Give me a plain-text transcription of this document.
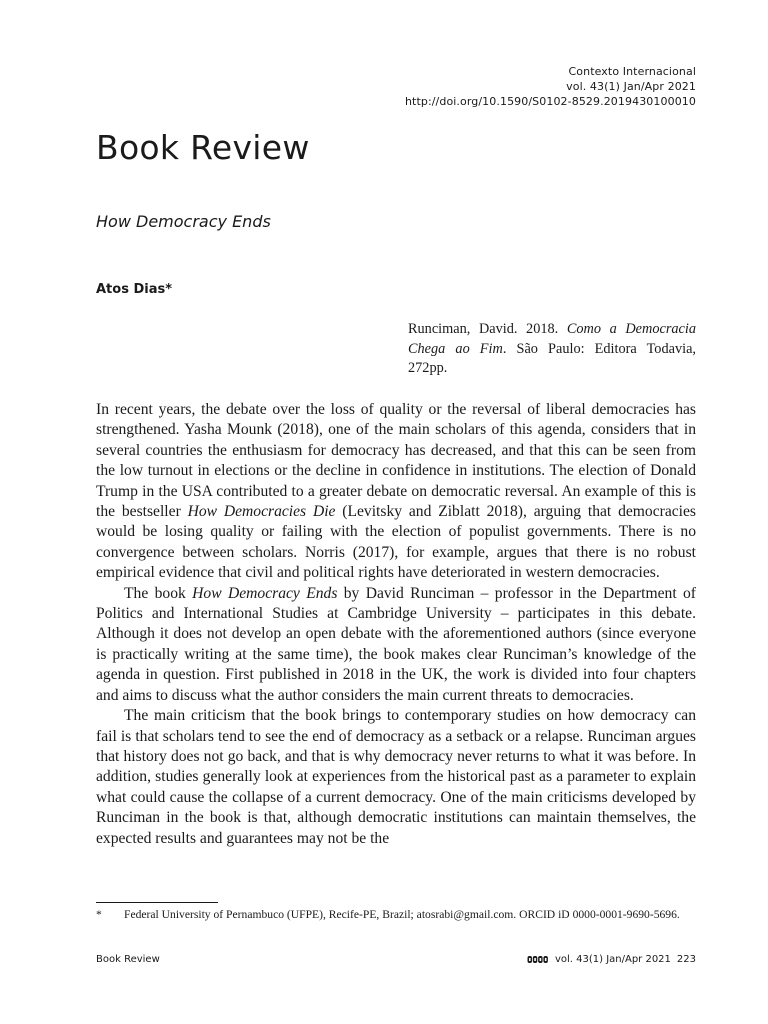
Contexto Internacional
vol. 43(1) Jan/Apr 2021
http://doi.org/10.1590/S0102-8529.2019430100010
Book Review
How Democracy Ends
Atos Dias*
Runciman, David. 2018. Como a Democracia Chega ao Fim. São Paulo: Editora Todavia, 272pp.

In recent years, the debate over the loss of quality or the reversal of liberal democracies has strengthened. Yasha Mounk (2018), one of the main scholars of this agenda, considers that in several countries the enthusiasm for democracy has decreased, and that this can be seen from the low turnout in elections or the decline in confidence in institutions. The election of Donald Trump in the USA contributed to a greater debate on democratic reversal. An example of this is the bestseller How Democracies Die (Levitsky and Ziblatt 2018), arguing that democracies would be losing quality or failing with the election of populist governments. There is no convergence between scholars. Norris (2017), for example, argues that there is no robust empirical evidence that civil and political rights have deteriorated in western democracies.

The book How Democracy Ends by David Runciman – professor in the Department of Politics and International Studies at Cambridge University – participates in this debate. Although it does not develop an open debate with the aforementioned authors (since everyone is practically writing at the same time), the book makes clear Runciman’s knowledge of the agenda in question. First published in 2018 in the UK, the work is divided into four chapters and aims to discuss what the author considers the main current threats to democracies.

The main criticism that the book brings to contemporary studies on how democracy can fail is that scholars tend to see the end of democracy as a setback or a relapse. Runciman argues that history does not go back, and that is why democracy never returns to what it was before. In addition, studies generally look at experiences from the historical past as a parameter to explain what could cause the collapse of a current democracy. One of the main criticisms developed by Runciman in the book is that, although democratic institutions can maintain themselves, the expected results and guarantees may not be the

* Federal University of Pernambuco (UFPE), Recife-PE, Brazil; atosrabi@gmail.com. ORCID iD 0000-0001-9690-5696.
Book Review	vol. 43(1) Jan/Apr 2021 223
